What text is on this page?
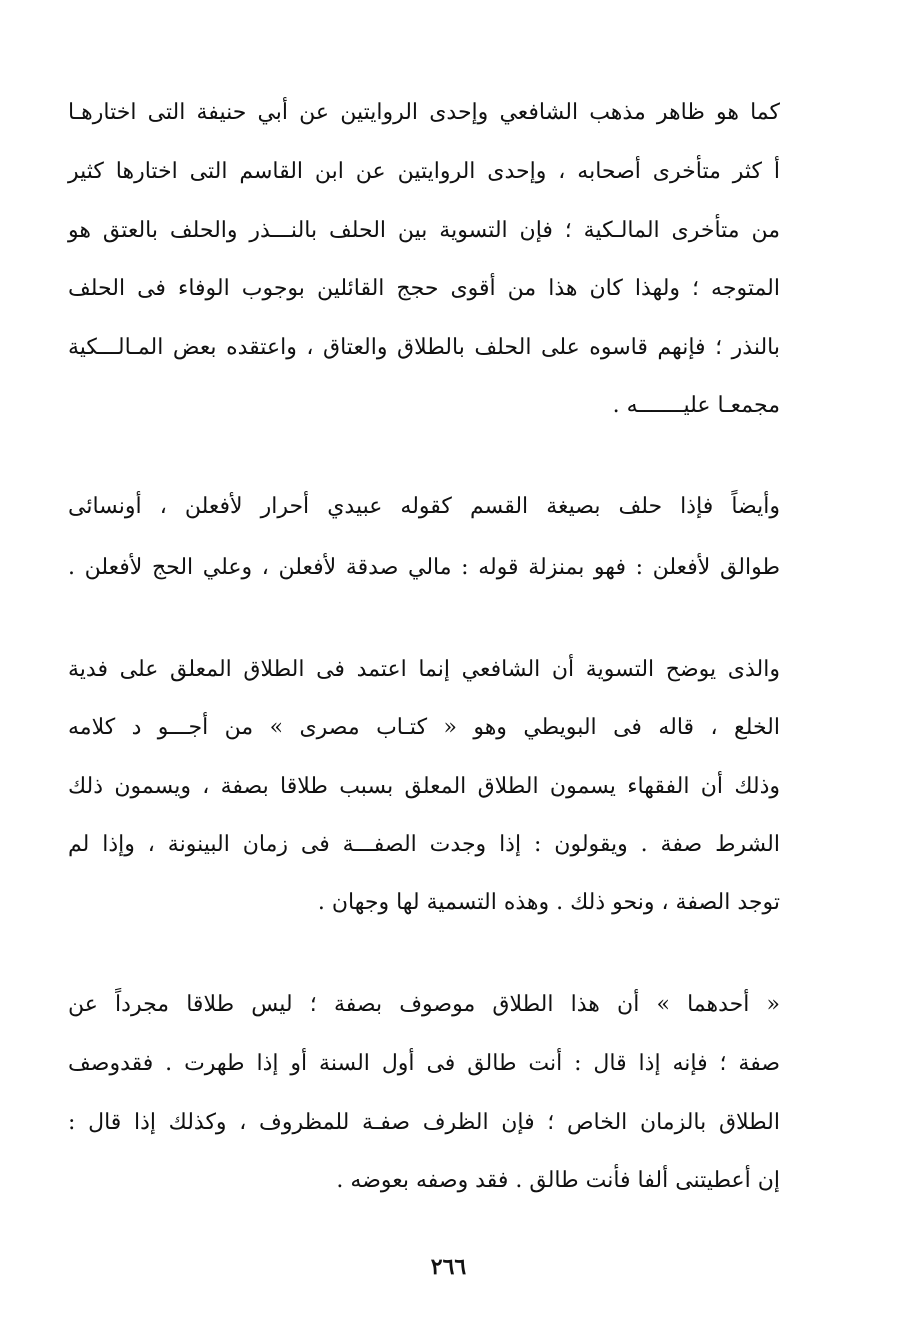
كما هو ظاهر مذهب الشافعي وإحدى الروايتين عن أبي حنيفة التى اختارهـا
أ كثر متأخرى أصحابه ، وإحدى الروايتين عن ابن القاسم التى اختارها كثير
من متأخرى المالـكية ؛ فإن التسوية بين الحلف بالنـــذر والحلف بالعتق هو
المتوجه ؛ ولهذا كان هذا من أقوى حجج القائلين بوجوب الوفاء فى الحلف
بالنذر ؛ فإنهم قاسوه على الحلف بالطلاق والعتاق ، واعتقده بعض المـالـــكية
مجمعـا عليـــــــه .
وأيضاً فإذا حلف بصيغة القسم كقوله عبيدي أحرار لأفعلن ، أونسائى
طوالق لأفعلن : فهو بمنزلة قوله : مالي صدقة لأفعلن ، وعلي الحج لأفعلن .
والذى يوضح التسوية أن الشافعي إنما اعتمد فى الطلاق المعلق على فدية
الخلع ، قاله فى البويطي وهو « كتـاب مصرى » من أجـــو د كلامه
وذلك أن الفقهاء يسمون الطلاق المعلق بسبب طلاقا بصفة ، ويسمون ذلك
الشرط صفة . ويقولون : إذا وجدت الصفـــة فى زمان البينونة ، وإذا لم
توجد الصفة ، ونحو ذلك . وهذه التسمية لها وجهان .
« أحدهما » أن هذا الطلاق موصوف بصفة ؛ ليس طلاقا مجرداً عن
صفة ؛ فإنه إذا قال : أنت طالق فى أول السنة أو إذا طهرت . فقدوصف
الطلاق بالزمان الخاص ؛ فإن الظرف صفـة للمظروف ، وكذلك إذا قال :
إن أعطيتنى ألفا فأنت طالق . فقد وصفه بعوضه .
٢٦٦
